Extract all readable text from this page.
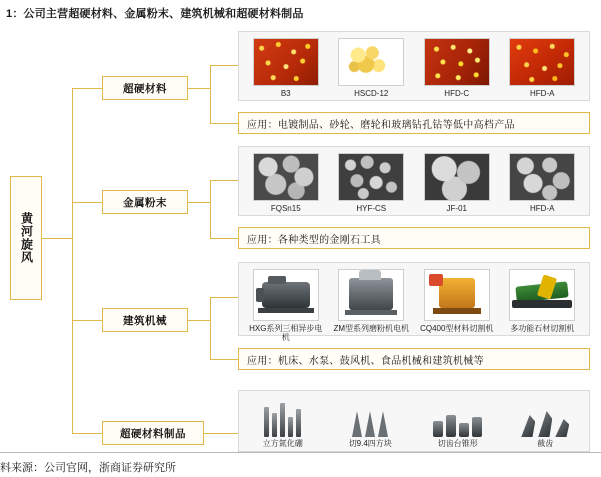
1：公司主营超硬材料、金属粉末、建筑机械和超硬材料制品
黄河旋风
超硬材料	B3	HSCD-12	HFD-C	HFD-A
应用：电镀制品、砂轮、磨轮和玻璃钻孔钻等低中高档产品
金属粉末	FQSn15	HYF-CS	JF-01	HFD-A
应用：各种类型的金刚石工具
建筑机械
HXG系列三相异步电机
ZM型系列磨粉机电机 CQ400型材料切割机 多功能石材切割机
应用：机床、水泵、鼓风机、食品机械和建筑机械等
超硬材料制品
立方氮化硼	切9.4四方块	切齿台锥形	截齿
料来源：公司官网，浙商证券研究所
